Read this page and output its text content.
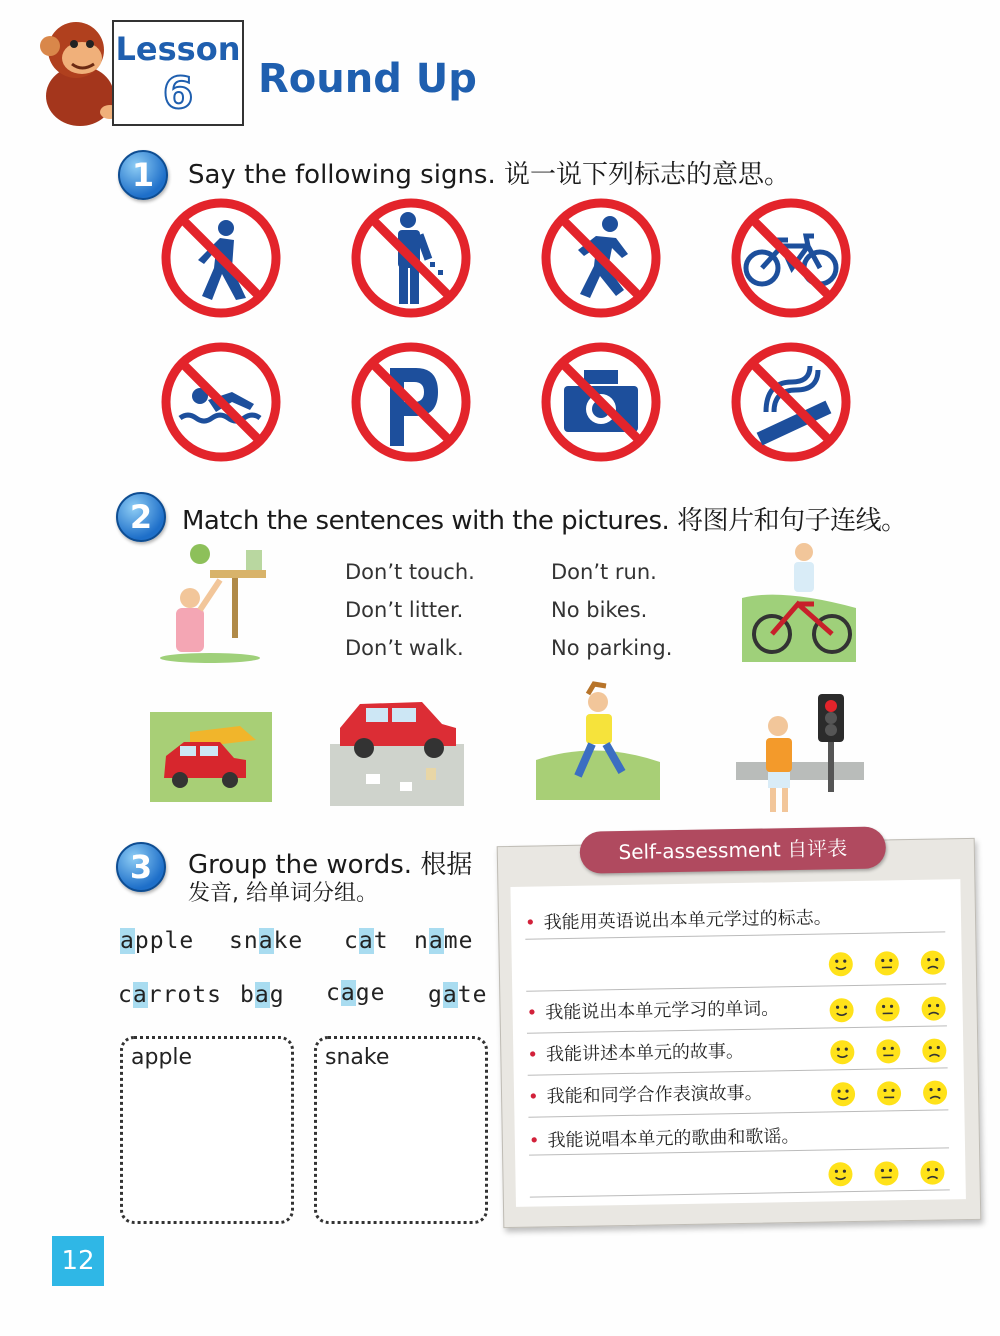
Lesson
6	Round Up
1	Say the following signs. 说一说下列标志的意思。
2	Match the sentences with the pictures. 将图片和句子连线。
Don’t touch.
Don’t litter.
Don’t walk.
Don’t run.
No bikes.
No parking.
3	Group the words. 根据
发音, 给单词分组。
apple snake cat name
carrots bag cage gate
apple	snake
• 我能用英语说出本单元学过的标志。
• 我能说出本单元学习的单词。
• 我能讲述本单元的故事。
• 我能和同学合作表演故事。
• 我能说唱本单元的歌曲和歌谣。
Self-assessment 自评表
12
